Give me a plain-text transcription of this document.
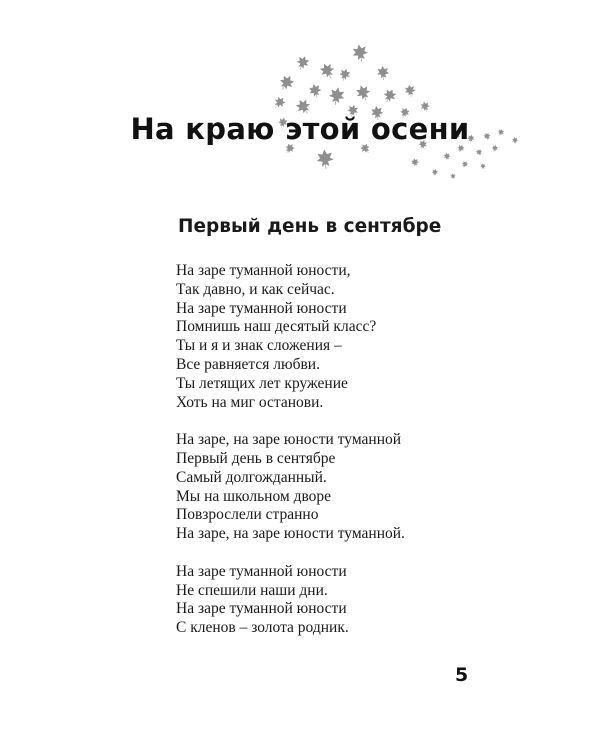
На краю этой осени
Первый день в сентябре
На заре туманной юности,
Так давно, и как сейчас.
На заре туманной юности
Помнишь наш десятый класс?
Ты и я и знак сложения –
Все равняется любви.
Ты летящих лет кружение
Хоть на миг останови.
На заре, на заре юности туманной
Первый день в сентябре
Самый долгожданный.
Мы на школьном дворе
Повзрослели странно
На заре, на заре юности туманной.
На заре туманной юности
Не спешили наши дни.
На заре туманной юности
С кленов – золота родник.
5
